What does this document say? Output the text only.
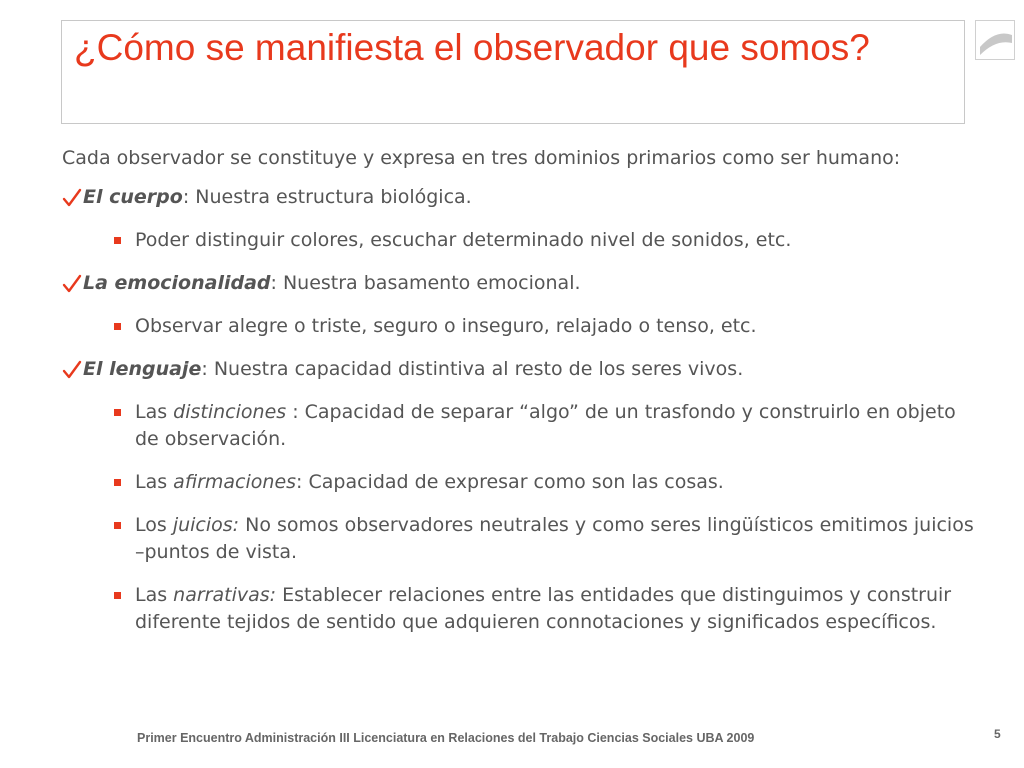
¿Cómo se manifiesta el observador que somos?
Cada observador se constituye y expresa en tres dominios primarios como ser humano:
El cuerpo: Nuestra estructura biológica.
Poder distinguir colores, escuchar determinado nivel de sonidos, etc.
La emocionalidad: Nuestra basamento emocional.
Observar alegre o triste, seguro o inseguro, relajado o tenso, etc.
El lenguaje: Nuestra capacidad distintiva al resto de los seres vivos.
Las distinciones : Capacidad de separar “algo” de un trasfondo y construirlo en objeto de observación.
Las afirmaciones: Capacidad de expresar como son las cosas.
Los juicios: No somos observadores neutrales y como seres lingüísticos emitimos juicios –puntos de vista.
Las narrativas: Establecer relaciones entre las entidades que distinguimos y construir diferente tejidos de sentido que adquieren connotaciones y significados específicos.
Primer Encuentro Administración III Licenciatura en Relaciones del Trabajo Ciencias Sociales UBA 2009	5
